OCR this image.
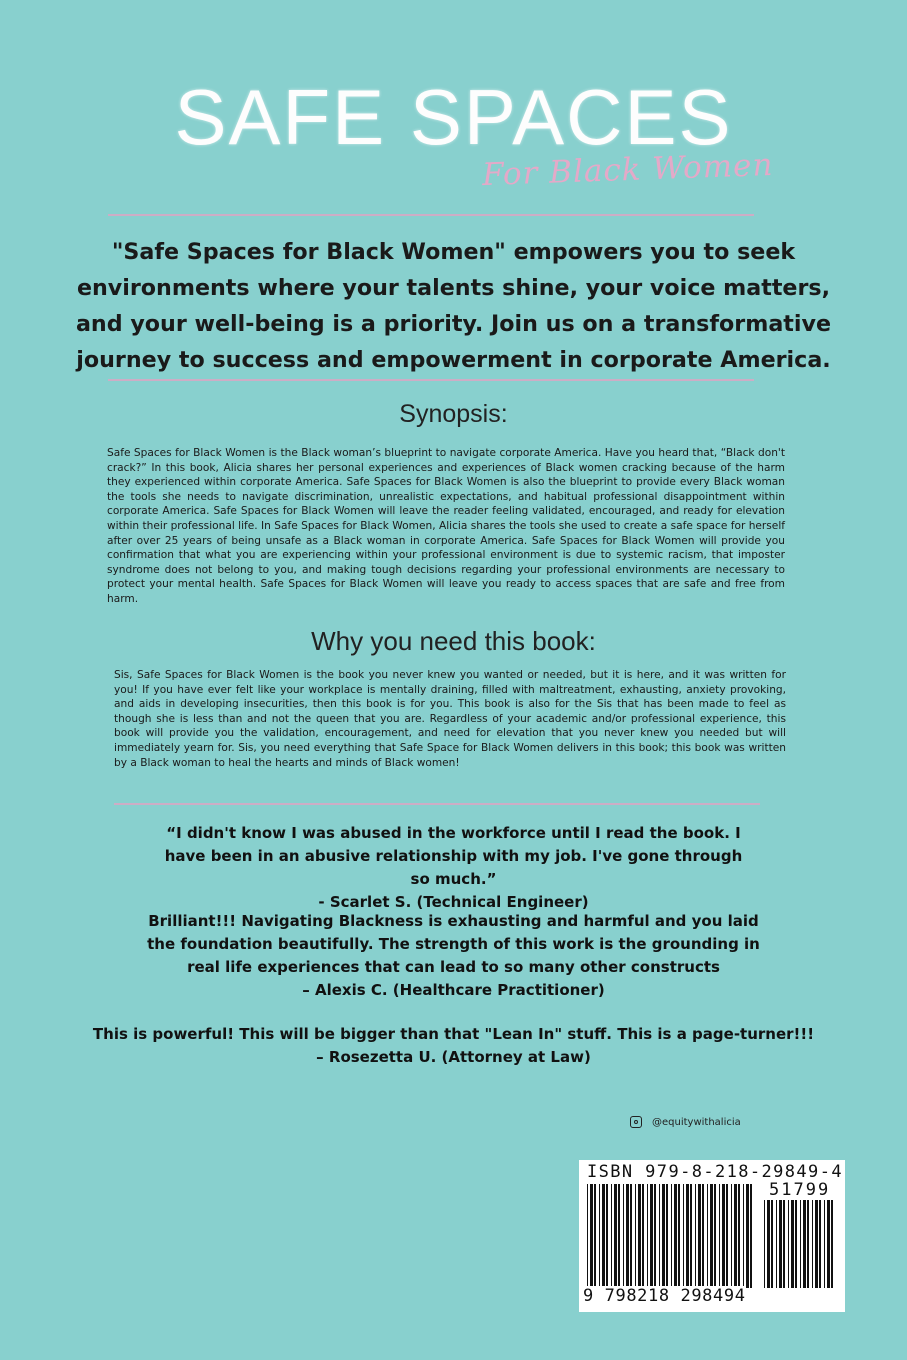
SAFE SPACES
For Black Women
"Safe Spaces for Black Women" empowers you to seek environments where your talents shine, your voice matters, and your well-being is a priority. Join us on a transformative journey to success and empowerment in corporate America.
Synopsis:
Safe Spaces for Black Women is the Black woman’s blueprint to navigate corporate America. Have you heard that, “Black don't crack?” In this book, Alicia shares her personal experiences and experiences of Black women cracking because of the harm they experienced within corporate America. Safe Spaces for Black Women is also the blueprint to provide every Black woman the tools she needs to navigate discrimination, unrealistic expectations, and habitual professional disappointment within corporate America. Safe Spaces for Black Women will leave the reader feeling validated, encouraged, and ready for elevation within their professional life. In Safe Spaces for Black Women, Alicia shares the tools she used to create a safe space for herself after over 25 years of being unsafe as a Black woman in corporate America. Safe Spaces for Black Women will provide you confirmation that what you are experiencing within your professional environment is due to systemic racism, that imposter syndrome does not belong to you, and making tough decisions regarding your professional environments are necessary to protect your mental health. Safe Spaces for Black Women will leave you ready to access spaces that are safe and free from harm.
Why you need this book:
Sis, Safe Spaces for Black Women is the book you never knew you wanted or needed, but it is here, and it was written for you! If you have ever felt like your workplace is mentally draining, filled with maltreatment, exhausting, anxiety provoking, and aids in developing insecurities, then this book is for you. This book is also for the Sis that has been made to feel as though she is less than and not the queen that you are. Regardless of your academic and/or professional experience, this book will provide you the validation, encouragement, and need for elevation that you never knew you needed but will immediately yearn for. Sis, you need everything that Safe Space for Black Women delivers in this book; this book was written by a Black woman to heal the hearts and minds of Black women!
“I didn't know I was abused in the workforce until I read the book. I have been in an abusive relationship with my job. I've gone through so much.”
- Scarlet S. (Technical Engineer)
Brilliant!!! Navigating Blackness is exhausting and harmful and you laid the foundation beautifully. The strength of this work is the grounding in real life experiences that can lead to so many other constructs
– Alexis C. (Healthcare Practitioner)
This is powerful! This will be bigger than that "Lean In" stuff. This is a page-turner!!!
– Rosezetta U. (Attorney at Law)
@equitywithalicia
ISBN 979-8-218-29849-4
51799
9 798218 298494
